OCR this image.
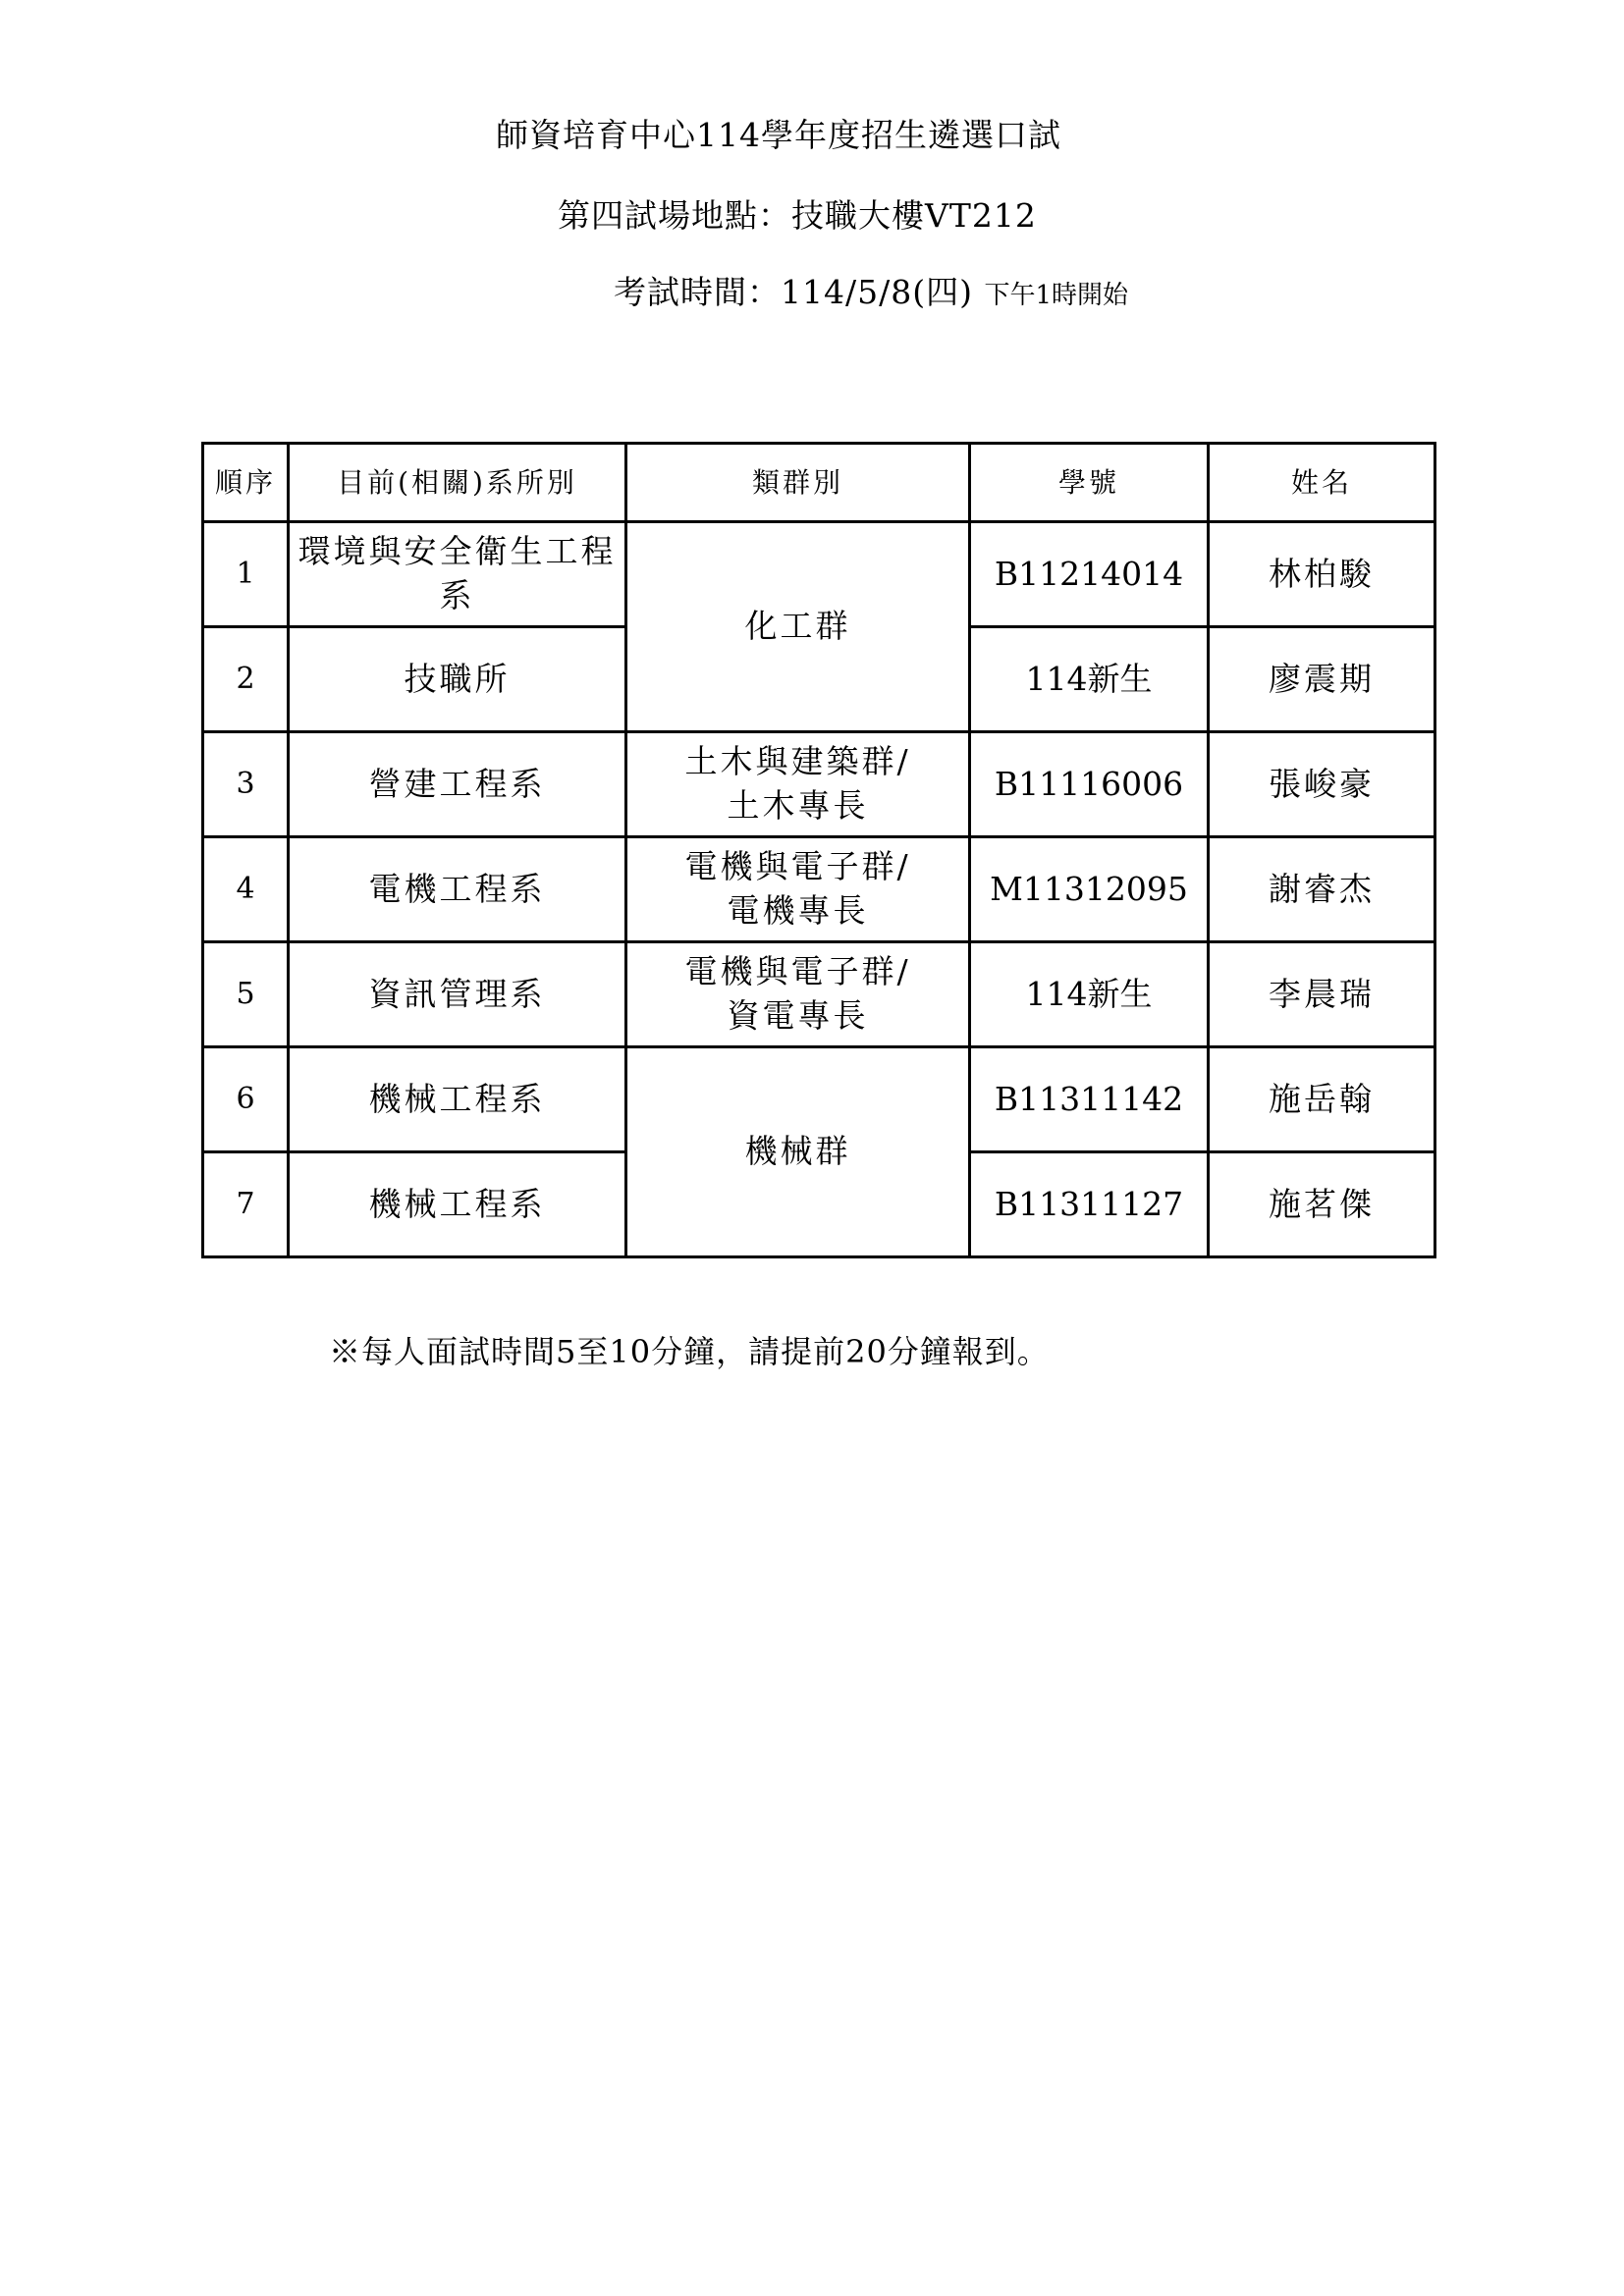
師資培育中心114學年度招生遴選口試
第四試場地點：技職大樓VT212
考試時間：114/5/8(四) 下午1時開始
順序	目前(相關)系所別	類群別	學號	姓名
1	環境與安全衛生工程系	化工群	B11214014	林柏駿
2	技職所		114新生	廖震期
3	營建工程系	土木與建築群/
土木專長	B11116006	張峻豪
4	電機工程系	電機與電子群/
電機專長	M11312095	謝睿杰
5	資訊管理系	電機與電子群/
資電專長	114新生	李晨瑞
6	機械工程系	機械群	B11311142	施岳翰
7	機械工程系		B11311127	施茗傑
※每人面試時間5至10分鐘，請提前20分鐘報到。
